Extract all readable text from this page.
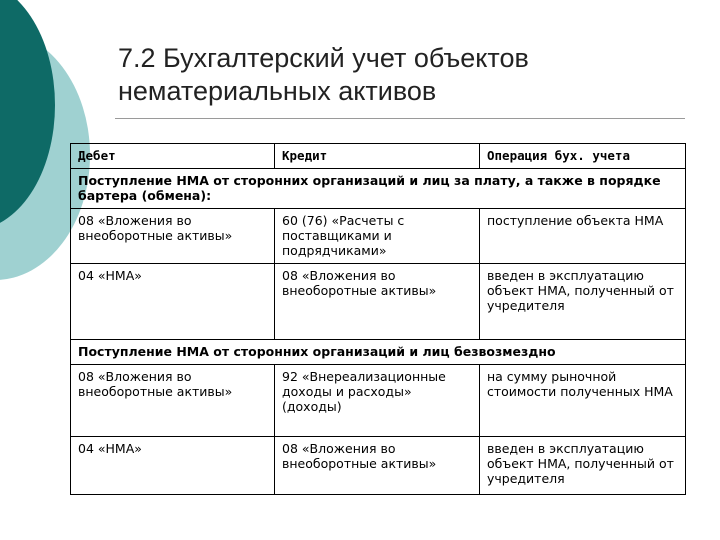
7.2 Бухгалтерский учет объектов
нематериальных активов
Дебет	Кредит	Операция бух. учета
Поступление НМА от сторонних организаций и лиц за плату, а также в порядке бартера (обмена):		
08 «Вложения во внеоборотные активы»	60 (76) «Расчеты с поставщиками и подрядчиками»	поступление объекта НМА
04 «НМА»	08 «Вложения во внеоборотные активы»	введен в эксплуатацию объект НМА, полученный от учредителя
Поступление НМА от сторонних организаций и лиц безвозмездно		
08 «Вложения во внеоборотные активы»	92 «Внереализационные доходы и расходы» (доходы)	на сумму рыночной стоимости полученных НМА
04 «НМА»	08 «Вложения во внеоборотные активы»	введен в эксплуатацию объект НМА, полученный от учредителя
